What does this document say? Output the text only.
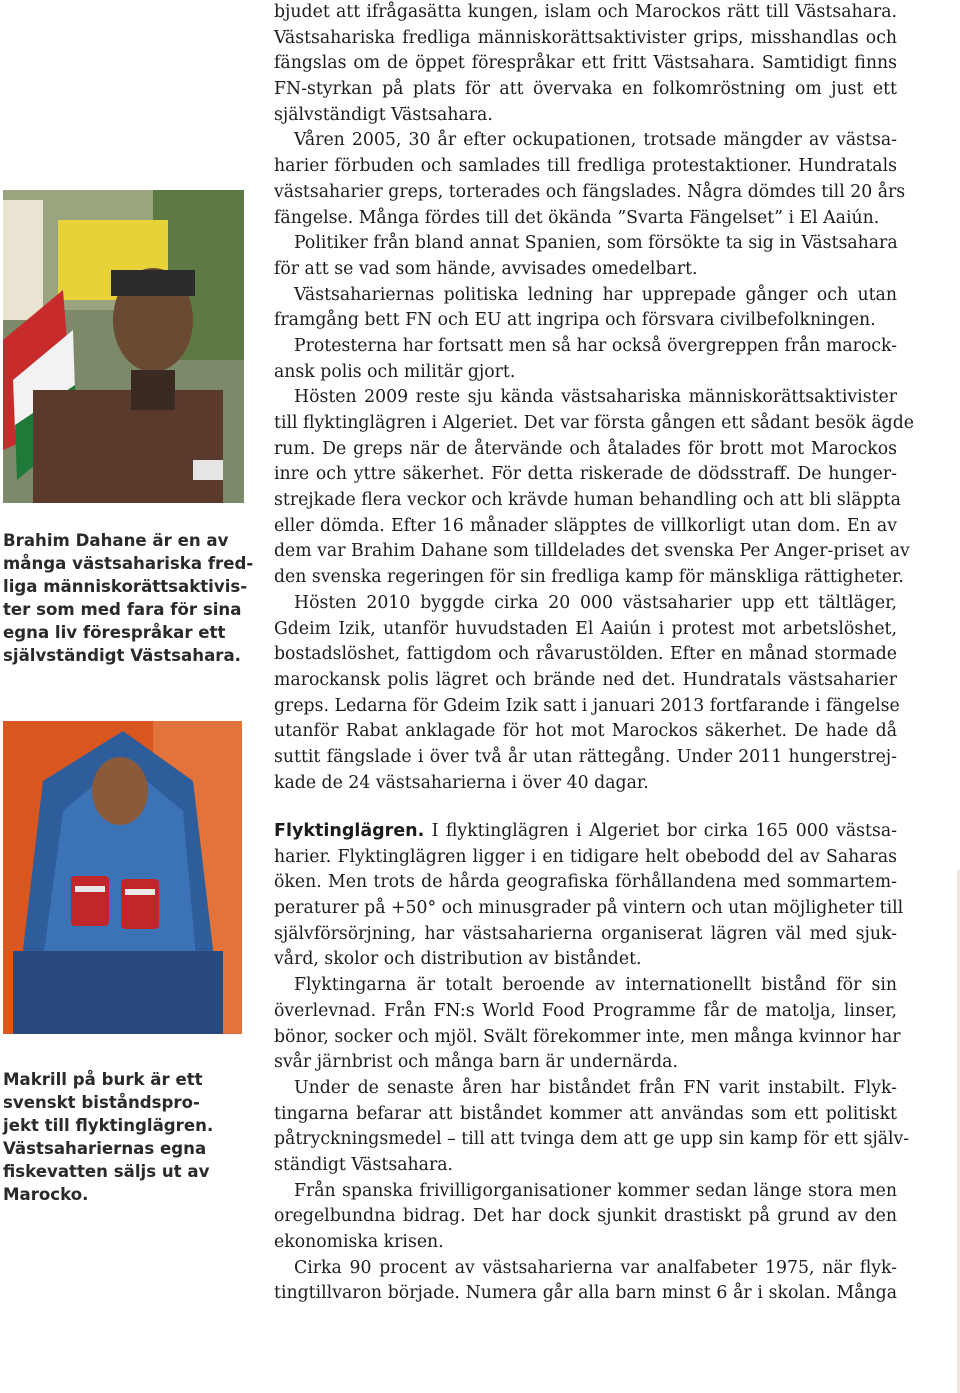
Brahim Dahane är en av
många västsahariska fred-
liga människorättsaktivis-
ter som med fara för sina
egna liv förespråkar ett
självständigt Västsahara.

Makrill på burk är ett
svenskt biståndspro-
jekt till flyktinglägren.
Västsahariernas egna
fiskevatten säljs ut av
Marocko.

bjudet att ifrågasätta kungen, islam och Marockos rätt till Västsahara.
Västsahariska fredliga människorättsaktivister grips, misshandlas och
fängslas om de öppet förespråkar ett fritt Västsahara. Samtidigt finns
FN-styrkan på plats för att övervaka en folkomröstning om just ett
självständigt Västsahara.
Våren 2005, 30 år efter ockupationen, trotsade mängder av västsa-
harier förbuden och samlades till fredliga protestaktioner. Hundratals
västsaharier greps, torterades och fängslades. Några dömdes till 20 års
fängelse. Många fördes till det ökända ”Svarta Fängelset” i El Aaiún.
Politiker från bland annat Spanien, som försökte ta sig in Västsahara
för att se vad som hände, avvisades omedelbart.
Västsahariernas politiska ledning har upprepade gånger och utan
framgång bett FN och EU att ingripa och försvara civilbefolkningen.
Protesterna har fortsatt men så har också övergreppen från marock-
ansk polis och militär gjort.
Hösten 2009 reste sju kända västsahariska människorättsaktivister
till flyktinglägren i Algeriet. Det var första gången ett sådant besök ägde
rum. De greps när de återvände och åtalades för brott mot Marockos
inre och yttre säkerhet. För detta riskerade de dödsstraff. De hunger-
strejkade flera veckor och krävde human behandling och att bli släppta
eller dömda. Efter 16 månader släpptes de villkorligt utan dom. En av
dem var Brahim Dahane som tilldelades det svenska Per Anger-priset av
den svenska regeringen för sin fredliga kamp för mänskliga rättigheter.
Hösten 2010 byggde cirka 20 000 västsaharier upp ett tältläger,
Gdeim Izik, utanför huvudstaden El Aaiún i protest mot arbetslöshet,
bostadslöshet, fattigdom och råvarustölden. Efter en månad stormade
marockansk polis lägret och brände ned det. Hundratals västsaharier
greps. Ledarna för Gdeim Izik satt i januari 2013 fortfarande i fängelse
utanför Rabat anklagade för hot mot Marockos säkerhet. De hade då
suttit fängslade i över två år utan rättegång. Under 2011 hungerstrej-
kade de 24 västsaharierna i över 40 dagar.
Flyktinglägren. I flyktinglägren i Algeriet bor cirka 165 000 västsa-
harier. Flyktinglägren ligger i en tidigare helt obebodd del av Saharas
öken. Men trots de hårda geografiska förhållandena med sommartem-
peraturer på +50° och minusgrader på vintern och utan möjligheter till
självförsörjning, har västsaharierna organiserat lägren väl med sjuk-
vård, skolor och distribution av biståndet.
Flyktingarna är totalt beroende av internationellt bistånd för sin
överlevnad. Från FN:s World Food Programme får de matolja, linser,
bönor, socker och mjöl. Svält förekommer inte, men många kvinnor har
svår järnbrist och många barn är undernärda.
Under de senaste åren har biståndet från FN varit instabilt. Flyk-
tingarna befarar att biståndet kommer att användas som ett politiskt
påtryckningsmedel – till att tvinga dem att ge upp sin kamp för ett själv-
ständigt Västsahara.
Från spanska frivilligorganisationer kommer sedan länge stora men
oregelbundna bidrag. Det har dock sjunkit drastiskt på grund av den
ekonomiska krisen.
Cirka 90 procent av västsaharierna var analfabeter 1975, när flyk-
tingtillvaron började. Numera går alla barn minst 6 år i skolan. Många
